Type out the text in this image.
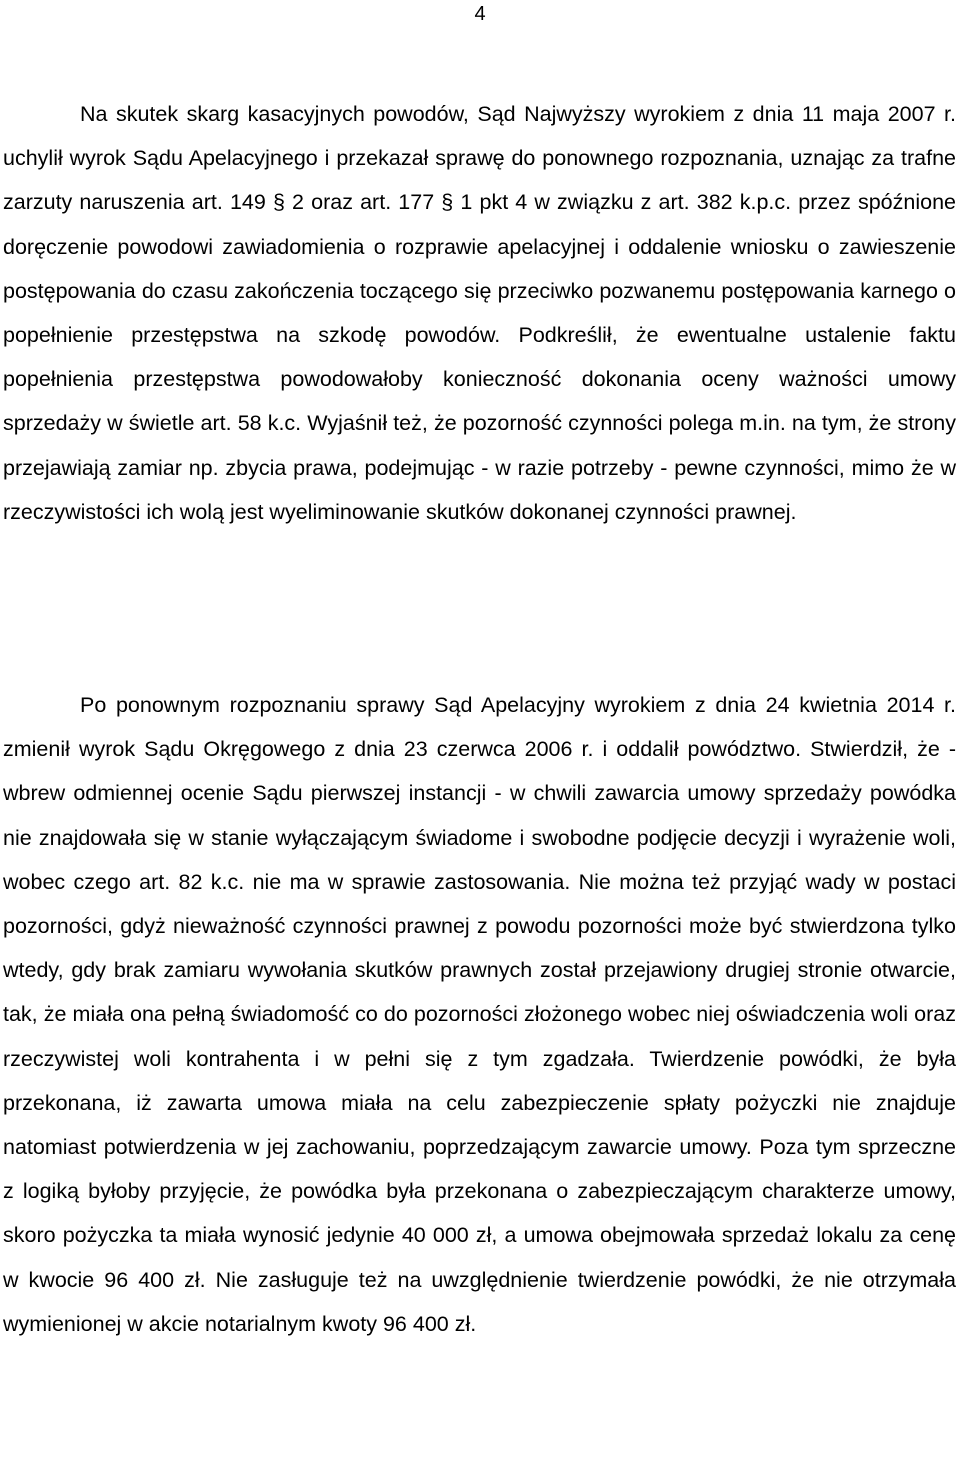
4

Na skutek skarg kasacyjnych powodów, Sąd Najwyższy wyrokiem z dnia 11 maja 2007 r. uchylił wyrok Sądu Apelacyjnego i przekazał sprawę do ponownego rozpoznania, uznając za trafne zarzuty naruszenia art. 149 § 2 oraz art. 177 § 1 pkt 4 w związku z art. 382 k.p.c. przez spóźnione doręczenie powodowi zawiadomienia o rozprawie apelacyjnej i oddalenie wniosku o zawieszenie postępowania do czasu zakończenia toczącego się przeciwko pozwanemu postępowania karnego o popełnienie przestępstwa na szkodę powodów. Podkreślił, że ewentualne ustalenie faktu popełnienia przestępstwa powodowałoby konieczność dokonania oceny ważności umowy sprzedaży w świetle art. 58 k.c. Wyjaśnił też, że pozorność czynności polega m.in. na tym, że strony przejawiają zamiar np. zbycia prawa, podejmując - w razie potrzeby - pewne czynności, mimo że w rzeczywistości ich wolą jest wyeliminowanie skutków dokonanej czynności prawnej.

Po ponownym rozpoznaniu sprawy Sąd Apelacyjny wyrokiem z dnia 24 kwietnia 2014 r. zmienił wyrok Sądu Okręgowego z dnia 23 czerwca 2006 r. i oddalił powództwo. Stwierdził, że - wbrew odmiennej ocenie Sądu pierwszej instancji - w chwili zawarcia umowy sprzedaży powódka nie znajdowała się w stanie wyłączającym świadome i swobodne podjęcie decyzji i wyrażenie woli, wobec czego art. 82 k.c. nie ma w sprawie zastosowania. Nie można też przyjąć wady w postaci pozorności, gdyż nieważność czynności prawnej z powodu pozorności może być stwierdzona tylko wtedy, gdy brak zamiaru wywołania skutków prawnych został przejawiony drugiej stronie otwarcie, tak, że miała ona pełną świadomość co do pozorności złożonego wobec niej oświadczenia woli oraz rzeczywistej woli kontrahenta i w pełni się z tym zgadzała. Twierdzenie powódki, że była przekonana, iż zawarta umowa miała na celu zabezpieczenie spłaty pożyczki nie znajduje natomiast potwierdzenia w jej zachowaniu, poprzedzającym zawarcie umowy. Poza tym sprzeczne z logiką byłoby przyjęcie, że powódka była przekonana o zabezpieczającym charakterze umowy, skoro pożyczka ta miała wynosić jedynie 40 000 zł, a umowa obejmowała sprzedaż lokalu za cenę w kwocie 96 400 zł. Nie zasługuje też na uwzględnienie twierdzenie powódki, że nie otrzymała wymienionej w akcie notarialnym kwoty 96 400 zł.
